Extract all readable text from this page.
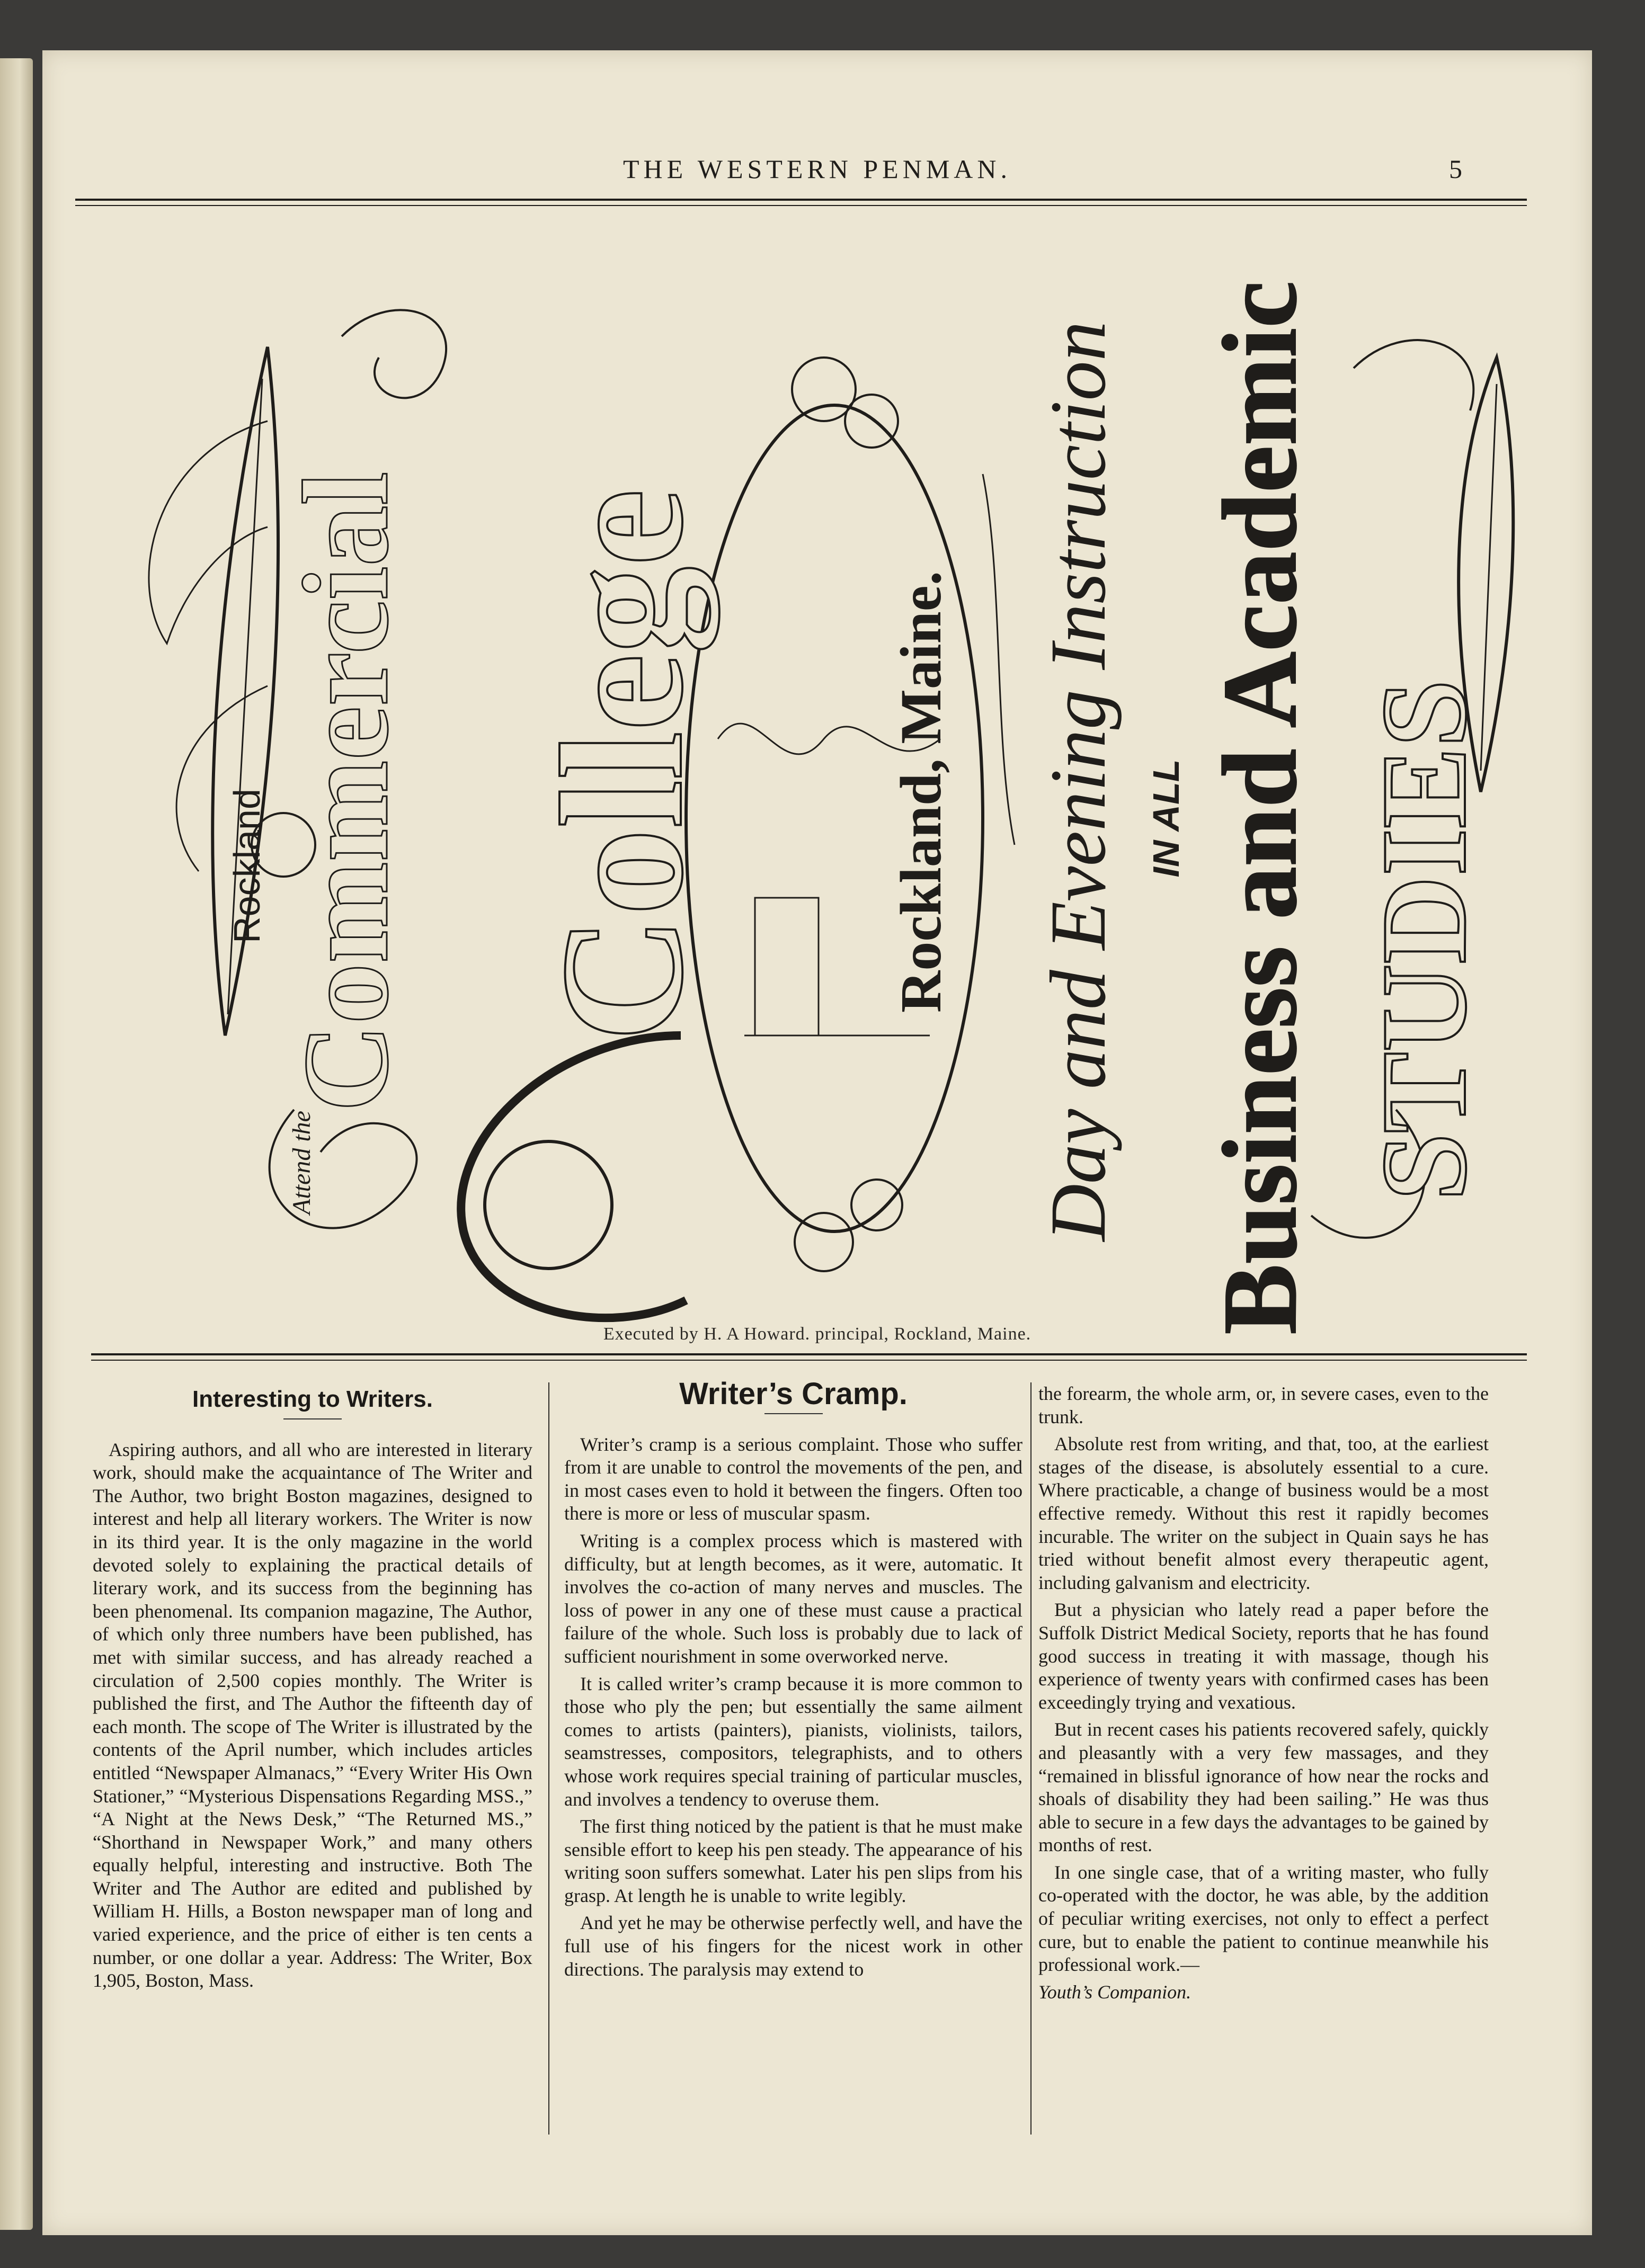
THE WESTERN PENMAN.	5
Rockland
Attend the
Commercial College	Rockland, Maine. Day and Evening Instruction IN ALL Business and Academic STUDIES
Executed by H. A Howard. principal, Rockland, Maine.
Interesting to Writers.

Aspiring authors, and all who are interested in literary work, should make the acquaintance of The Writer and The Author, two bright Boston magazines, designed to interest and help all literary workers. The Writer is now in its third year. It is the only magazine in the world devoted solely to explaining the practical details of literary work, and its success from the beginning has been phenomenal. Its companion magazine, The Author, of which only three numbers have been published, has met with similar success, and has already reached a circulation of 2,500 copies monthly. The Writer is published the first, and The Author the fifteenth day of each month. The scope of The Writer is illustrated by the contents of the April number, which includes articles entitled “Newspaper Almanacs,” “Every Writer His Own Stationer,” “Mysterious Dispensations Regarding MSS.,” “A Night at the News Desk,” “The Returned MS.,” “Shorthand in Newspaper Work,” and many others equally helpful, interesting and instructive. Both The Writer and The Author are edited and published by William H. Hills, a Boston newspaper man of long and varied experience, and the price of either is ten cents a number, or one dollar a year. Address: The Writer, Box 1,905, Boston, Mass.

Writer’s Cramp.

Writer’s cramp is a serious complaint. Those who suffer from it are unable to control the movements of the pen, and in most cases even to hold it between the fingers. Often too there is more or less of muscular spasm.

Writing is a complex process which is mastered with difficulty, but at length becomes, as it were, automatic. It involves the co-action of many nerves and muscles. The loss of power in any one of these must cause a practical failure of the whole. Such loss is probably due to lack of sufficient nourishment in some overworked nerve.

It is called writer’s cramp because it is more common to those who ply the pen; but essentially the same ailment comes to artists (painters), pianists, violinists, tailors, seamstresses, compositors, telegraphists, and to others whose work requires special training of particular muscles, and involves a tendency to overuse them.

The first thing noticed by the patient is that he must make sensible effort to keep his pen steady. The appearance of his writing soon suffers somewhat. Later his pen slips from his grasp. At length he is unable to write legibly.

And yet he may be otherwise perfectly well, and have the full use of his fingers for the nicest work in other directions. The paralysis may extend to

the forearm, the whole arm, or, in severe cases, even to the trunk.

Absolute rest from writing, and that, too, at the earliest stages of the disease, is absolutely essential to a cure. Where practicable, a change of business would be a most effective remedy. Without this rest it rapidly becomes incurable. The writer on the subject in Quain says he has tried without benefit almost every therapeutic agent, including galvanism and electricity.

But a physician who lately read a paper before the Suffolk District Medical Society, reports that he has found good success in treating it with massage, though his experience of twenty years with confirmed cases has been exceedingly trying and vexatious.

But in recent cases his patients recovered safely, quickly and pleasantly with a very few massages, and they “remained in blissful ignorance of how near the rocks and shoals of disability they had been sailing.” He was thus able to secure in a few days the advantages to be gained by months of rest.

In one single case, that of a writing master, who fully co-operated with the doctor, he was able, by the addition of peculiar writing exercises, not only to effect a perfect cure, but to enable the patient to continue meanwhile his professional work.—

Youth’s Companion.
